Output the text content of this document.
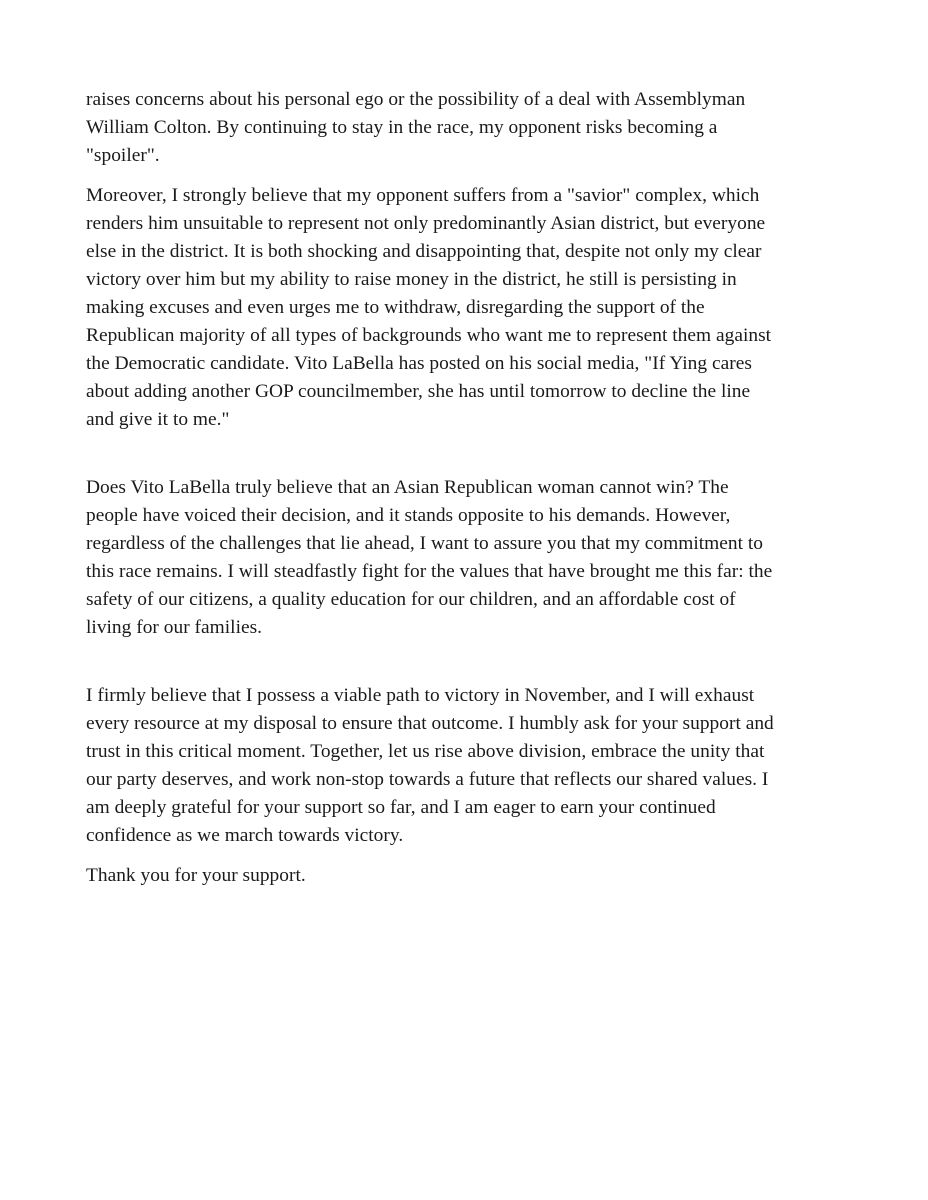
raises concerns about his personal ego or the possibility of a deal with Assemblyman
William Colton. By continuing to stay in the race, my opponent risks becoming a
"spoiler".

Moreover, I strongly believe that my opponent suffers from a "savior" complex, which
renders him unsuitable to represent not only predominantly Asian district, but everyone
else in the district. It is both shocking and disappointing that, despite not only my clear
victory over him but my ability to raise money in the district, he still is persisting in
making excuses and even urges me to withdraw, disregarding the support of the
Republican majority of all types of backgrounds who want me to represent them against
the Democratic candidate. Vito LaBella has posted on his social media, "If Ying cares
about adding another GOP councilmember, she has until tomorrow to decline the line
and give it to me."

Does Vito LaBella truly believe that an Asian Republican woman cannot win? The
people have voiced their decision, and it stands opposite to his demands. However,
regardless of the challenges that lie ahead, I want to assure you that my commitment to
this race remains. I will steadfastly fight for the values that have brought me this far: the
safety of our citizens, a quality education for our children, and an affordable cost of
living for our families.

I firmly believe that I possess a viable path to victory in November, and I will exhaust
every resource at my disposal to ensure that outcome. I humbly ask for your support and
trust in this critical moment. Together, let us rise above division, embrace the unity that
our party deserves, and work non-stop towards a future that reflects our shared values. I
am deeply grateful for your support so far, and I am eager to earn your continued
confidence as we march towards victory.

Thank you for your support.
